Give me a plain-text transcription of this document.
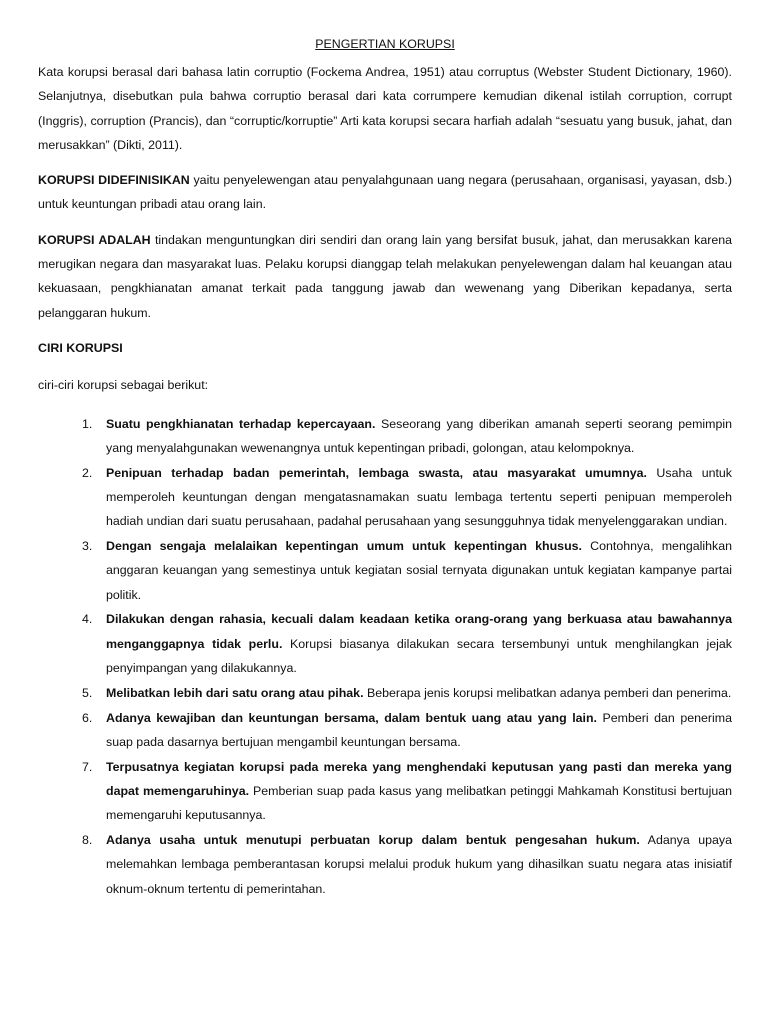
PENGERTIAN KORUPSI

Kata korupsi berasal dari bahasa latin corruptio (Fockema Andrea, 1951) atau corruptus (Webster Student Dictionary, 1960). Selanjutnya, disebutkan pula bahwa corruptio berasal dari kata corrumpere kemudian dikenal istilah corruption, corrupt (Inggris), corruption (Prancis), dan “corruptic/korruptie” Arti kata korupsi secara harfiah adalah “sesuatu yang busuk, jahat, dan merusakkan” (Dikti, 2011).

KORUPSI DIDEFINISIKAN yaitu penyelewengan atau penyalahgunaan uang negara (perusahaan, organisasi, yayasan, dsb.) untuk keuntungan pribadi atau orang lain.

KORUPSI ADALAH tindakan menguntungkan diri sendiri dan orang lain yang bersifat busuk, jahat, dan merusakkan karena merugikan negara dan masyarakat luas. Pelaku korupsi dianggap telah melakukan penyelewengan dalam hal keuangan atau kekuasaan, pengkhianatan amanat terkait pada tanggung jawab dan wewenang yang Diberikan kepadanya, serta pelanggaran hukum.

CIRI KORUPSI
ciri-ciri korupsi sebagai berikut:
1. Suatu pengkhianatan terhadap kepercayaan. Seseorang yang diberikan amanah seperti seorang pemimpin yang menyalahgunakan wewenangnya untuk kepentingan pribadi, golongan, atau kelompoknya.
2. Penipuan terhadap badan pemerintah, lembaga swasta, atau masyarakat umumnya. Usaha untuk memperoleh keuntungan dengan mengatasnamakan suatu lembaga tertentu seperti penipuan memperoleh hadiah undian dari suatu perusahaan, padahal perusahaan yang sesungguhnya tidak menyelenggarakan undian.
3. Dengan sengaja melalaikan kepentingan umum untuk kepentingan khusus. Contohnya, mengalihkan anggaran keuangan yang semestinya untuk kegiatan sosial ternyata digunakan untuk kegiatan kampanye partai politik.
4. Dilakukan dengan rahasia, kecuali dalam keadaan ketika orang-orang yang berkuasa atau bawahannya menganggapnya tidak perlu. Korupsi biasanya dilakukan secara tersembunyi untuk menghilangkan jejak penyimpangan yang dilakukannya.
5. Melibatkan lebih dari satu orang atau pihak. Beberapa jenis korupsi melibatkan adanya pemberi dan penerima.
6. Adanya kewajiban dan keuntungan bersama, dalam bentuk uang atau yang lain. Pemberi dan penerima suap pada dasarnya bertujuan mengambil keuntungan bersama.
7. Terpusatnya kegiatan korupsi pada mereka yang menghendaki keputusan yang pasti dan mereka yang dapat memengaruhinya. Pemberian suap pada kasus yang melibatkan petinggi Mahkamah Konstitusi bertujuan memengaruhi keputusannya.
8. Adanya usaha untuk menutupi perbuatan korup dalam bentuk pengesahan hukum. Adanya upaya melemahkan lembaga pemberantasan korupsi melalui produk hukum yang dihasilkan suatu negara atas inisiatif oknum-oknum tertentu di pemerintahan.
